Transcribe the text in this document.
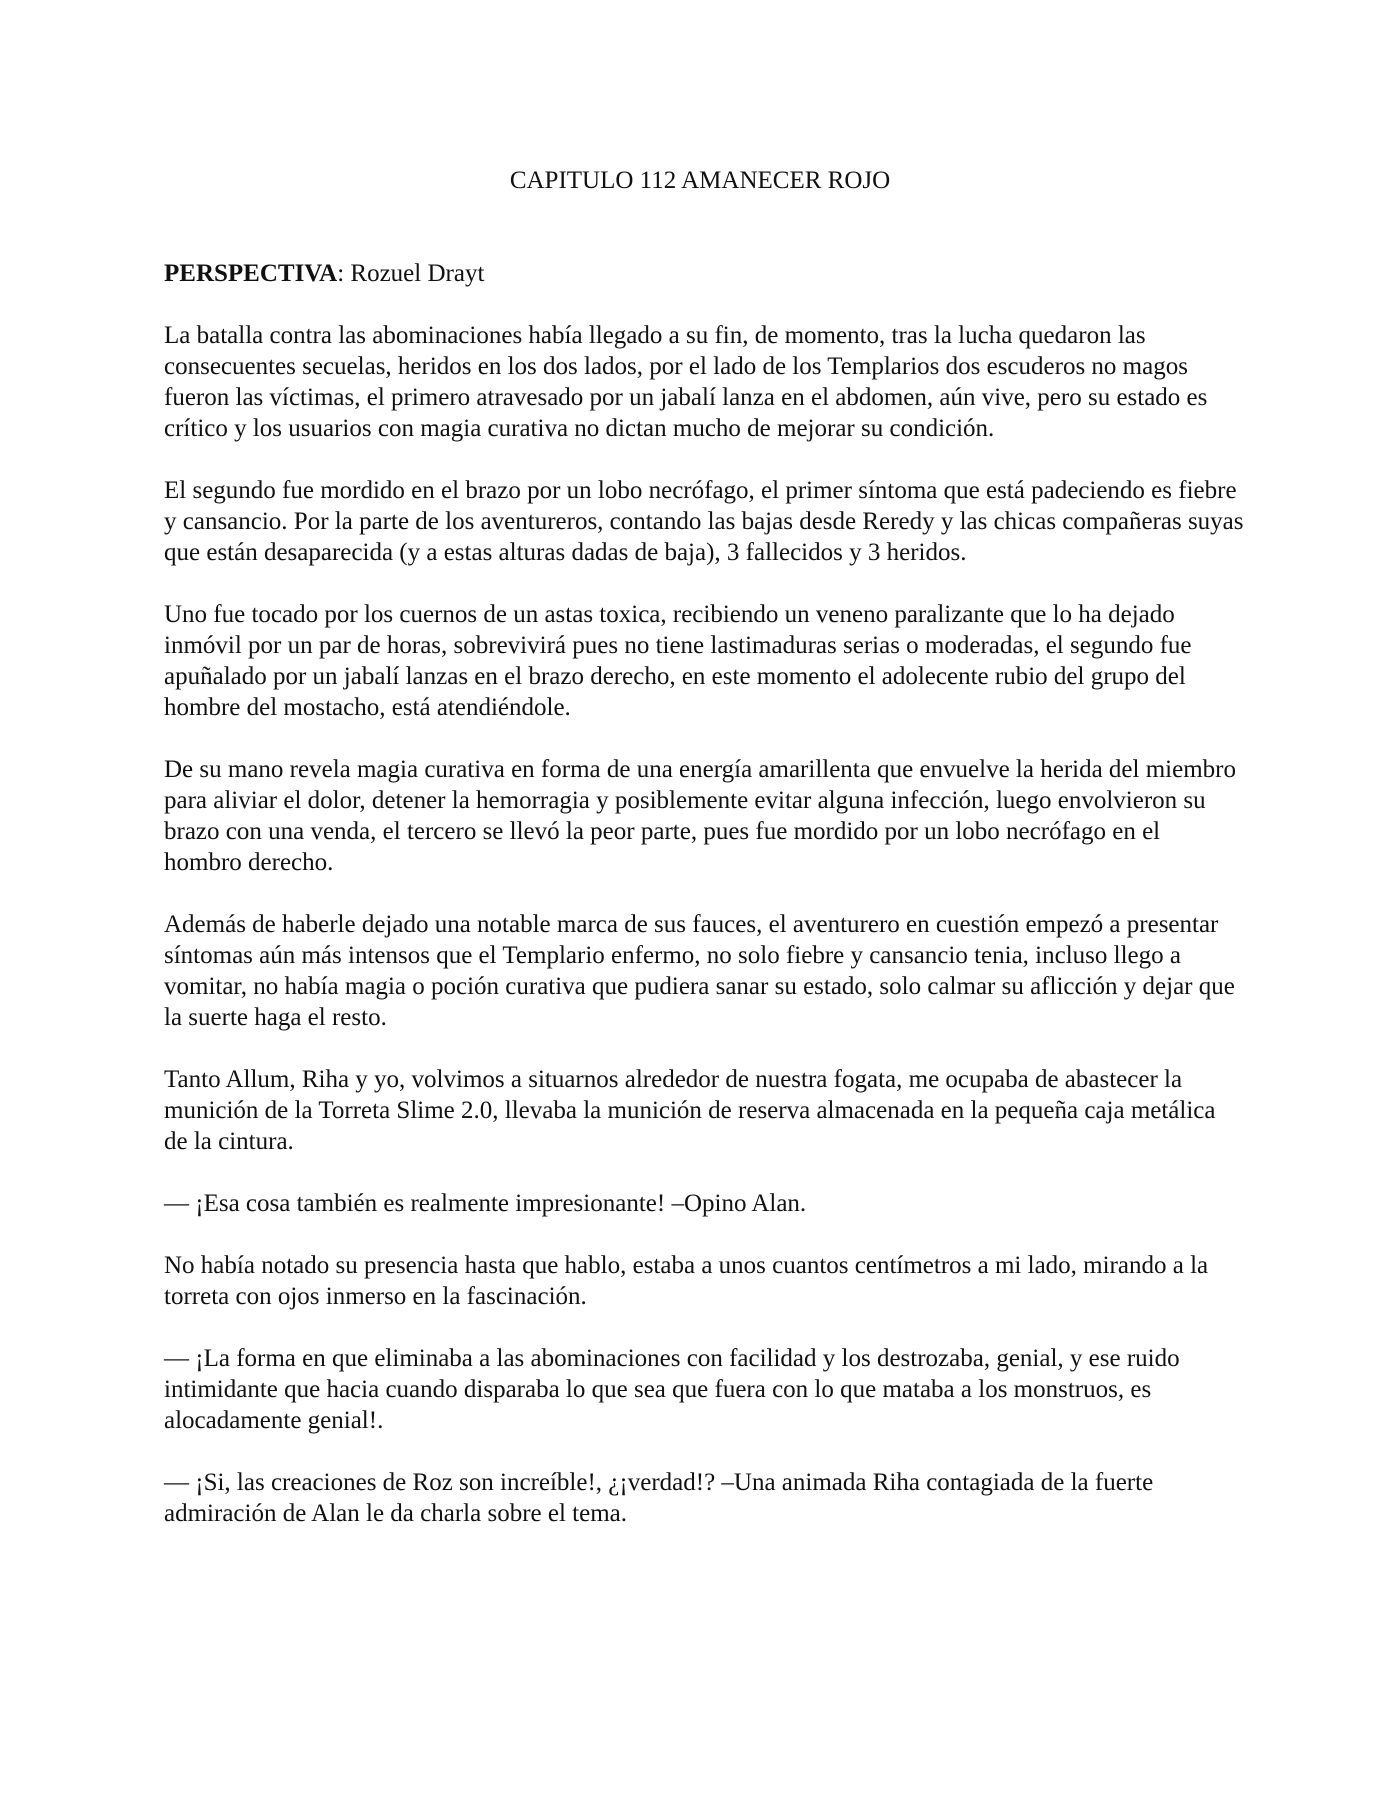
CAPITULO 112 AMANECER ROJO

PERSPECTIVA: Rozuel Drayt

La batalla contra las abominaciones había llegado a su fin, de momento, tras la lucha quedaron las consecuentes secuelas, heridos en los dos lados, por el lado de los Templarios dos escuderos no magos fueron las víctimas, el primero atravesado por un jabalí lanza en el abdomen, aún vive, pero su estado es crítico y los usuarios con magia curativa no dictan mucho de mejorar su condición.

El segundo fue mordido en el brazo por un lobo necrófago, el primer síntoma que está padeciendo es fiebre y cansancio. Por la parte de los aventureros, contando las bajas desde Reredy y las chicas compañeras suyas que están desaparecida (y a estas alturas dadas de baja), 3 fallecidos y 3 heridos.

Uno fue tocado por los cuernos de un astas toxica, recibiendo un veneno paralizante que lo ha dejado inmóvil por un par de horas, sobrevivirá pues no tiene lastimaduras serias o moderadas, el segundo fue apuñalado por un jabalí lanzas en el brazo derecho, en este momento el adolecente rubio del grupo del hombre del mostacho, está atendiéndole.

De su mano revela magia curativa en forma de una energía amarillenta que envuelve la herida del miembro para aliviar el dolor, detener la hemorragia y posiblemente evitar alguna infección, luego envolvieron su brazo con una venda, el tercero se llevó la peor parte, pues fue mordido por un lobo necrófago en el hombro derecho.

Además de haberle dejado una notable marca de sus fauces, el aventurero en cuestión empezó a presentar síntomas aún más intensos que el Templario enfermo, no solo fiebre y cansancio tenia, incluso llego a vomitar, no había magia o poción curativa que pudiera sanar su estado, solo calmar su aflicción y dejar que la suerte haga el resto.

Tanto Allum, Riha y yo, volvimos a situarnos alrededor de nuestra fogata, me ocupaba de abastecer la munición de la Torreta Slime 2.0, llevaba la munición de reserva almacenada en la pequeña caja metálica de la cintura.

— ¡Esa cosa también es realmente impresionante! –Opino Alan.

No había notado su presencia hasta que hablo, estaba a unos cuantos centímetros a mi lado, mirando a la torreta con ojos inmerso en la fascinación.

— ¡La forma en que eliminaba a las abominaciones con facilidad y los destrozaba, genial, y ese ruido intimidante que hacia cuando disparaba lo que sea que fuera con lo que mataba a los monstruos, es alocadamente genial!.

— ¡Si, las creaciones de Roz son increíble!, ¿¡verdad!? –Una animada Riha contagiada de la fuerte admiración de Alan le da charla sobre el tema.
